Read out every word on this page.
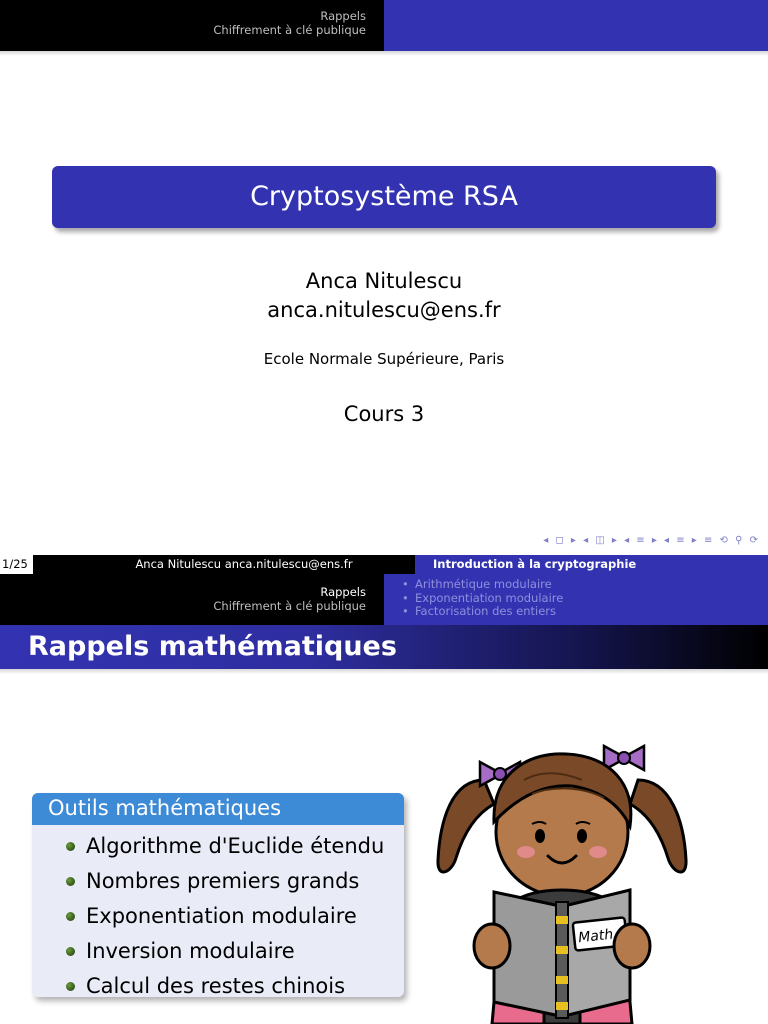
Rappels
Chiffrement à clé publique
Cryptosystème RSA
Anca Nitulescu
anca.nitulescu@ens.fr
Ecole Normale Supérieure, Paris
Cours 3
◂ ◻ ▸ ◂ ◫ ▸ ◂ ≡ ▸ ◂ ≡ ▸ ≡ ⟲ ⚲ ⟳
1/25	Anca Nitulescu anca.nitulescu@ens.fr	Introduction à la cryptographie
Rappels
Chiffrement à clé publique
• Arithmétique modulaire
• Exponentiation modulaire
• Factorisation des entiers
Rappels mathématiques
Outils mathématiques
Algorithme d'Euclide étendu
Nombres premiers grands
Exponentiation modulaire
Inversion modulaire
Calcul des restes chinois
Math
